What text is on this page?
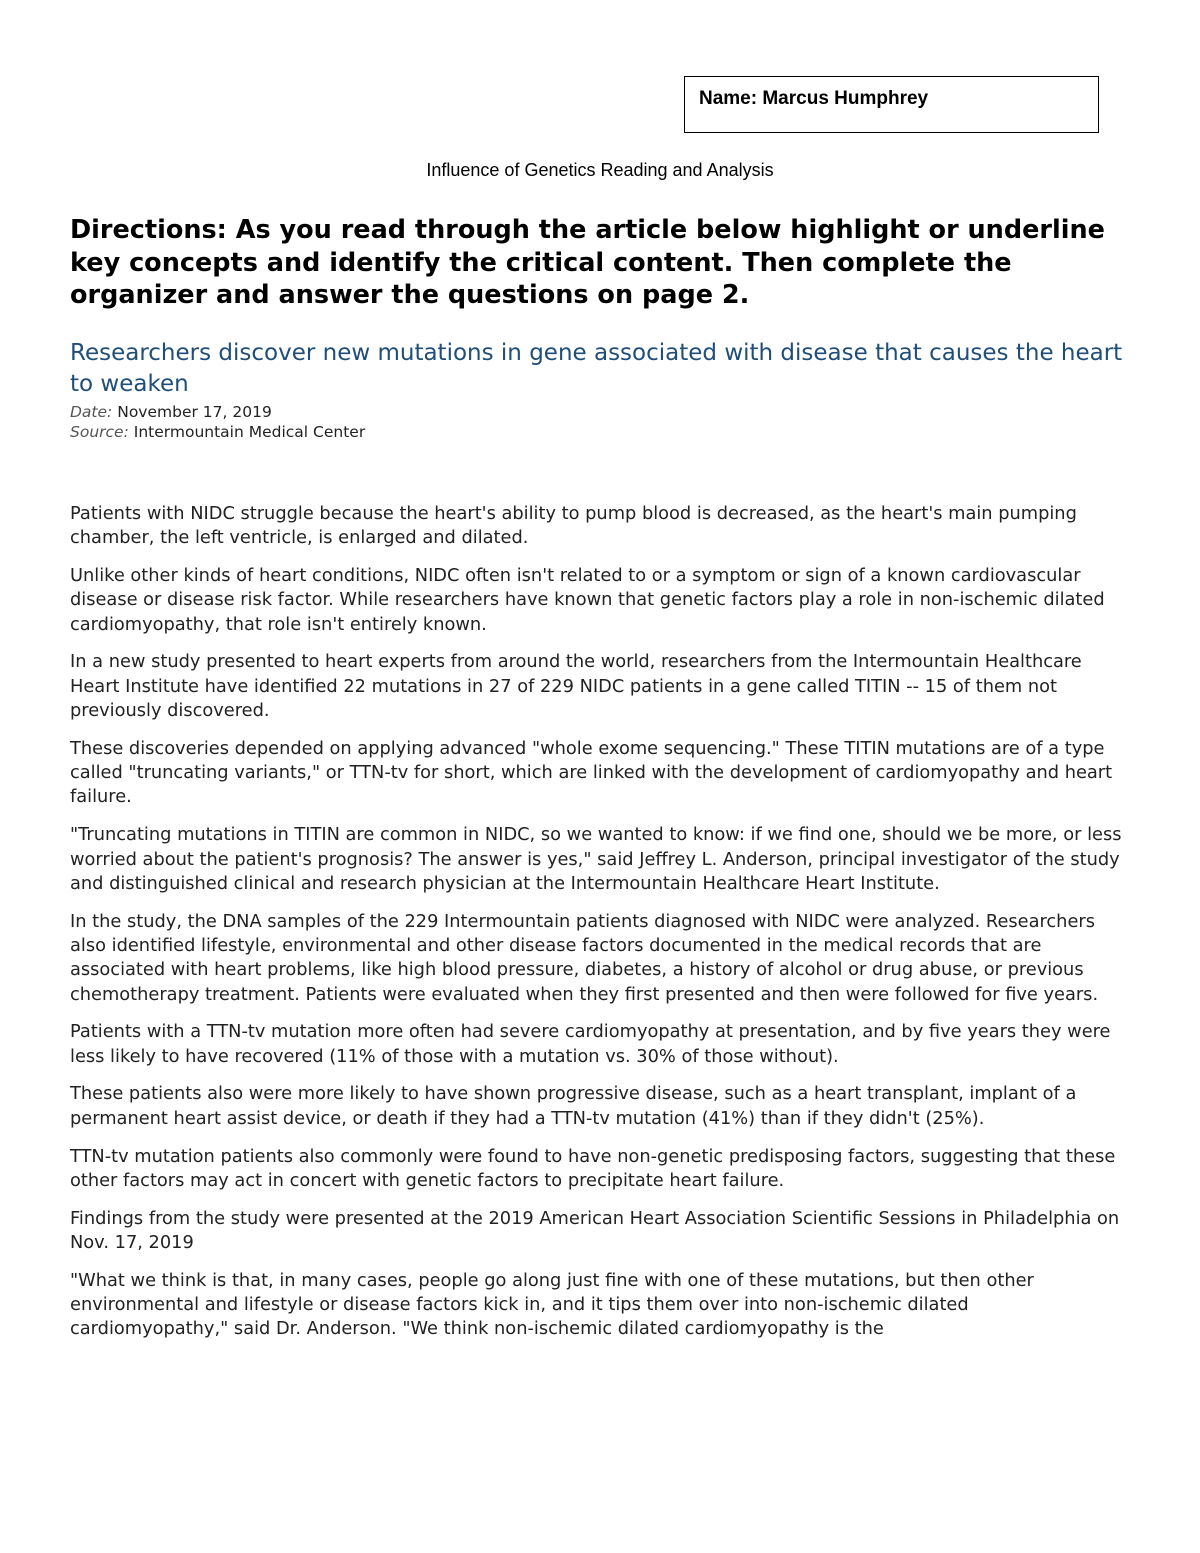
Name: Marcus Humphrey
Influence of Genetics Reading and Analysis

Directions: As you read through the article below highlight or underline key concepts and identify the critical content. Then complete the organizer and answer the questions on page 2.

Researchers discover new mutations in gene associated with disease that causes the heart to weaken
Date: November 17, 2019
Source: Intermountain Medical Center

Patients with NIDC struggle because the heart's ability to pump blood is decreased, as the heart's main pumping chamber, the left ventricle, is enlarged and dilated.

Unlike other kinds of heart conditions, NIDC often isn't related to or a symptom or sign of a known cardiovascular disease or disease risk factor. While researchers have known that genetic factors play a role in non-ischemic dilated cardiomyopathy, that role isn't entirely known.

In a new study presented to heart experts from around the world, researchers from the Intermountain Healthcare Heart Institute have identified 22 mutations in 27 of 229 NIDC patients in a gene called TITIN -- 15 of them not previously discovered.

These discoveries depended on applying advanced "whole exome sequencing." These TITIN mutations are of a type called "truncating variants," or TTN-tv for short, which are linked with the development of cardiomyopathy and heart failure.

"Truncating mutations in TITIN are common in NIDC, so we wanted to know: if we find one, should we be more, or less worried about the patient's prognosis? The answer is yes," said Jeffrey L. Anderson, principal investigator of the study and distinguished clinical and research physician at the Intermountain Healthcare Heart Institute.

In the study, the DNA samples of the 229 Intermountain patients diagnosed with NIDC were analyzed. Researchers also identified lifestyle, environmental and other disease factors documented in the medical records that are associated with heart problems, like high blood pressure, diabetes, a history of alcohol or drug abuse, or previous chemotherapy treatment. Patients were evaluated when they first presented and then were followed for five years.

Patients with a TTN-tv mutation more often had severe cardiomyopathy at presentation, and by five years they were less likely to have recovered (11% of those with a mutation vs. 30% of those without).

These patients also were more likely to have shown progressive disease, such as a heart transplant, implant of a permanent heart assist device, or death if they had a TTN-tv mutation (41%) than if they didn't (25%).

TTN-tv mutation patients also commonly were found to have non-genetic predisposing factors, suggesting that these other factors may act in concert with genetic factors to precipitate heart failure.

Findings from the study were presented at the 2019 American Heart Association Scientific Sessions in Philadelphia on Nov. 17, 2019

"What we think is that, in many cases, people go along just fine with one of these mutations, but then other environmental and lifestyle or disease factors kick in, and it tips them over into non-ischemic dilated cardiomyopathy," said Dr. Anderson. "We think non-ischemic dilated cardiomyopathy is the
